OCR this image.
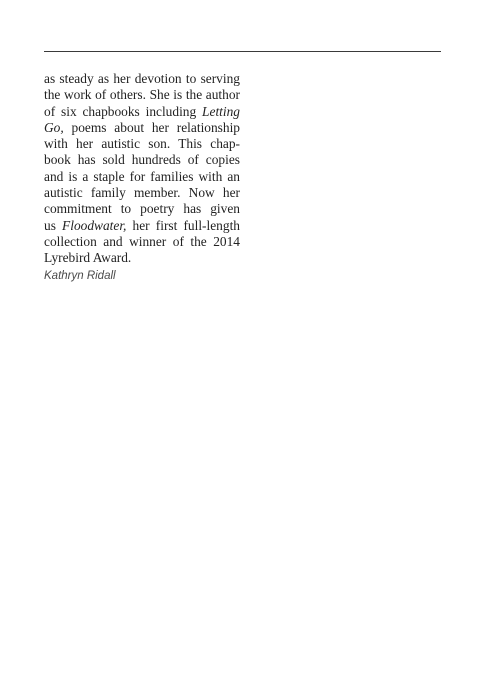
as steady as her devotion to serving
the work of others. She is the author
of six chapbooks including Letting
Go, poems about her relationship
with her autistic son. This chap-
book has sold hundreds of copies
and is a staple for families with an
autistic family member. Now her
commitment to poetry has given
us Floodwater, her first full-length
collection and winner of the 2014
Lyrebird Award.

Kathryn Ridall
